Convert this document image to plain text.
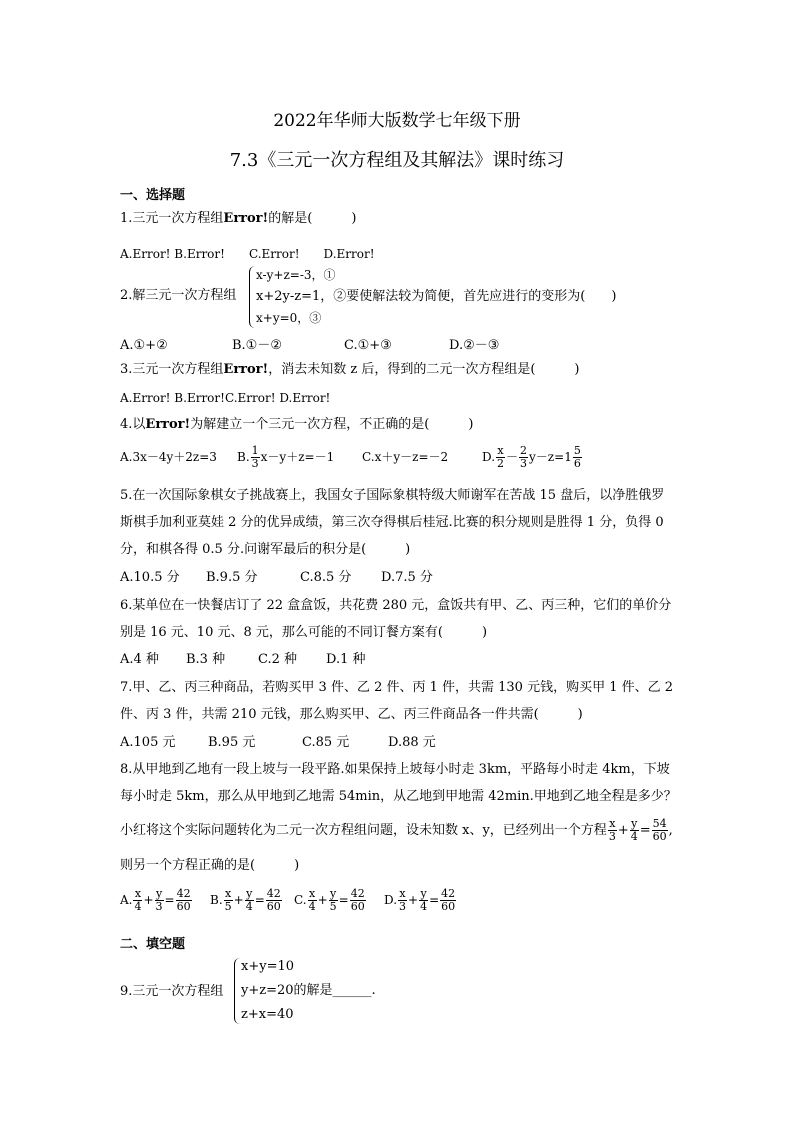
2022年华师大版数学七年级下册
7.3《三元一次方程组及其解法》课时练习
一、选择题
1.三元一次方程组Error!的解是(　　　)
A.Error! B.Error!　　C.Error!　　D.Error!
2.解三元一次方程组
x-y+z=-3，①
x+2y-z=1，②要使解法较为简便，首先应进行的变形为(　　)
x+y=0，③
A.①+②	B.①－②	C.①+③	D.②－③
3.三元一次方程组Error!，消去未知数 z 后，得到的二元一次方程组是(　　　)
A.Error! B.Error!C.Error! D.Error!
4.以Error!为解建立一个三元一次方程，不正确的是(　　　)
A.3x－4y＋2z=3 B. $\frac{1}{3} x-y+z=-1$ C.x＋y－z=－2	D. $\frac{x}{2} - \frac{2}{3} y-z=1 \frac{5}{6}$
5.在一次国际象棋女子挑战赛上，我国女子国际象棋特级大师谢军在苦战 15 盘后，以净胜俄罗
斯棋手加利亚莫娃 2 分的优异成绩，第三次夺得棋后桂冠.比赛的积分规则是胜得 1 分，负得 0
分，和棋各得 0.5 分.问谢军最后的积分是(　　　)
A.10.5 分 B.9.5 分	C.8.5 分 D.7.5 分
6.某单位在一快餐店订了 22 盒盒饭，共花费 280 元，盒饭共有甲、乙、丙三种，它们的单价分
别是 16 元、10 元、8 元，那么可能的不同订餐方案有(　　　)
A.4 种 B.3 种	C.2 种 D.1 种
7.甲、乙、丙三种商品，若购买甲 3 件、乙 2 件、丙 1 件，共需 130 元钱，购买甲 1 件、乙 2
件、丙 3 件，共需 210 元钱，那么购买甲、乙、丙三件商品各一件共需(　　　)
A.105 元	B.95 元	C.85 元	D.88 元
8.从甲地到乙地有一段上坡与一段平路.如果保持上坡每小时走 3km，平路每小时走 4km，下坡
每小时走 5km，那么从甲地到乙地需 54min，从乙地到甲地需 42min.甲地到乙地全程是多少？
小红将这个实际问题转化为二元一次方程组问题，设未知数 x、y，已经列出一个方程 $\frac{x}{3} + \frac{y}{4} = \frac{54}{60}$ ,
则另一个方程正确的是(　　　)
A. $\frac{x}{4} + \frac{y}{3} = \frac{42}{60} B$. $\frac{x}{5} + \frac{y}{4} = \frac{42}{60} C$. $\frac{x}{4} + \frac{y}{5} = \frac{42}{60} D$. $\frac{x}{3} + \frac{y}{4} = \frac{42}{60}$
二、填空题
9.三元一次方程组
x+y=10
y+z=20的解是______.
z+x=40
